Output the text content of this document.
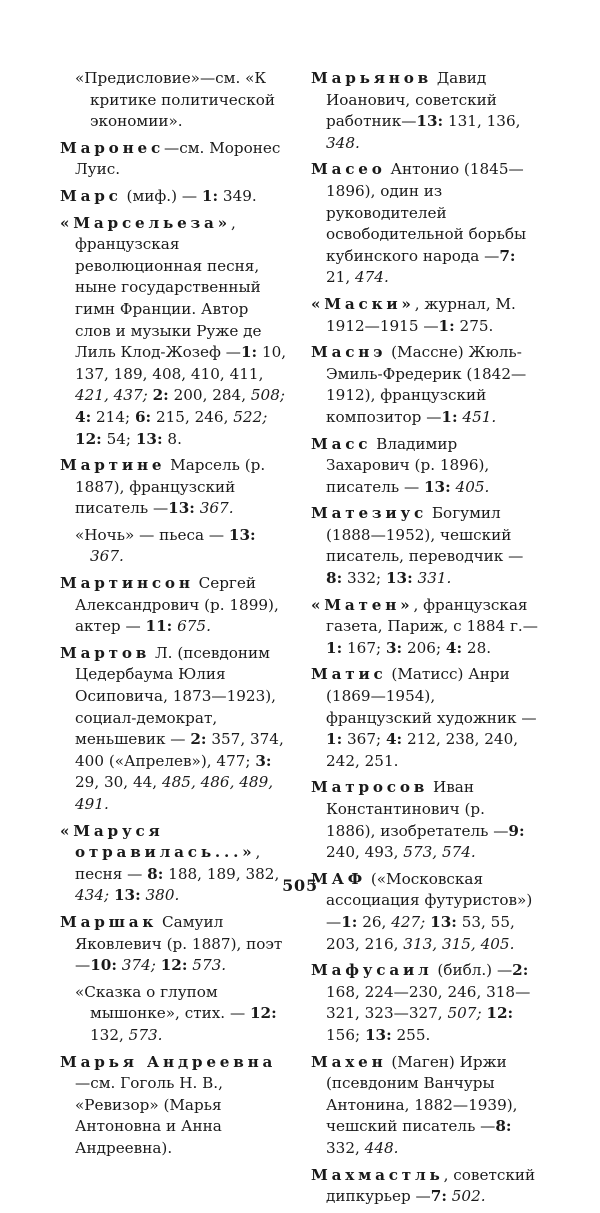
«Предисловие»—см. «К критике политической экономии».
Маронес—см. Моронес Луис.
Марс (миф.) — 1: 349.
«Марсельеза», французская революционная песня, ныне государственный гимн Франции. Автор слов и музыки Руже де Лиль Клод-Жозеф —1: 10, 137, 189, 408, 410, 411, 421, 437; 2: 200, 284, 508; 4: 214; 6: 215, 246, 522; 12: 54; 13: 8.
Мартине Марсель (р. 1887), французский писатель —13: 367.
«Ночь» — пьеса — 13: 367.
Мартинсон Сергей Александрович (р. 1899), актер — 11: 675.
Мартов Л. (псевдоним Цедербаума Юлия Осиповича, 1873—1923), социал-демократ, меньшевик — 2: 357, 374, 400 («Апрелев»), 477; 3: 29, 30, 44, 485, 486, 489, 491.
«Маруся отравилась...», песня — 8: 188, 189, 382, 434; 13: 380.
Маршак Самуил Яковлевич (р. 1887), поэт —10: 374; 12: 573.
«Сказка о глупом мышонке», стих. — 12: 132, 573.
Марья Андреевна—см. Гоголь Н. В., «Ревизор» (Марья Антоновна и Анна Андреевна).
Марьянов Давид Иоанович, советский работник—13: 131, 136, 348.
Масео Антонио (1845—1896), один из руководителей освободительной борьбы кубинского народа —7: 21, 474.
«Маски», журнал, М. 1912—1915 —1: 275.
Маснэ (Массне) Жюль-Эмиль-Фредерик (1842—1912), французский композитор —1: 451.
Масс Владимир Захарович (р. 1896), писатель — 13: 405.
Матезиус Богумил (1888—1952), чешский писатель, переводчик —8: 332; 13: 331.
«Матен», французская газета, Париж, с 1884 г.—1: 167; 3: 206; 4: 28.
Матис (Матисс) Анри (1869—1954), французский художник — 1: 367; 4: 212, 238, 240, 242, 251.
Матросов Иван Константинович (р. 1886), изобретатель —9: 240, 493, 573, 574.
МАФ («Московская ассоциация футуристов») —1: 26, 427; 13: 53, 55, 203, 216, 313, 315, 405.
Мафусаил (библ.) —2: 168, 224—230, 246, 318—321, 323—327, 507; 12: 156; 13: 255.
Махен (Маген) Иржи (псевдоним Ванчуры Антонина, 1882—1939), чешский писатель —8: 332, 448.
Махмастль, советский дипкурьер —7: 502.
505
